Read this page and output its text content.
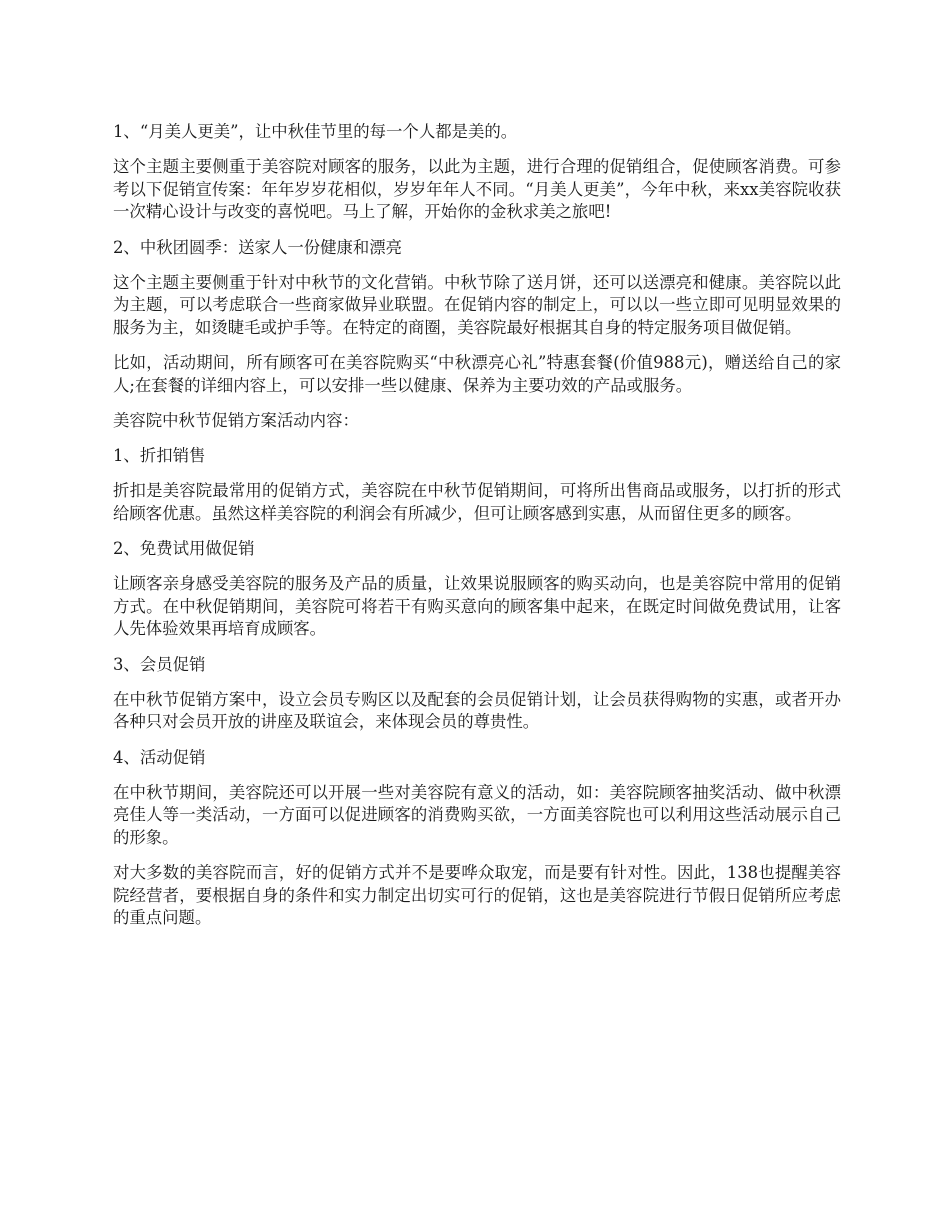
1、“月美人更美”，让中秋佳节里的每一个人都是美的。

这个主题主要侧重于美容院对顾客的服务，以此为主题，进行合理的促销组合，促使顾客消费。可参考以下促销宣传案：年年岁岁花相似，岁岁年年人不同。“月美人更美”，今年中秋，来xx美容院收获一次精心设计与改变的喜悦吧。马上了解，开始你的金秋求美之旅吧!

2、中秋团圆季：送家人一份健康和漂亮

这个主题主要侧重于针对中秋节的文化营销。中秋节除了送月饼，还可以送漂亮和健康。美容院以此为主题，可以考虑联合一些商家做异业联盟。在促销内容的制定上，可以以一些立即可见明显效果的服务为主，如烫睫毛或护手等。在特定的商圈，美容院最好根据其自身的特定服务项目做促销。

比如，活动期间，所有顾客可在美容院购买“中秋漂亮心礼”特惠套餐(价值988元)，赠送给自己的家人;在套餐的详细内容上，可以安排一些以健康、保养为主要功效的产品或服务。

美容院中秋节促销方案活动内容：

1、折扣销售

折扣是美容院最常用的促销方式，美容院在中秋节促销期间，可将所出售商品或服务，以打折的形式给顾客优惠。虽然这样美容院的利润会有所减少，但可让顾客感到实惠，从而留住更多的顾客。

2、免费试用做促销

让顾客亲身感受美容院的服务及产品的质量，让效果说服顾客的购买动向，也是美容院中常用的促销方式。在中秋促销期间，美容院可将若干有购买意向的顾客集中起来，在既定时间做免费试用，让客人先体验效果再培育成顾客。

3、会员促销

在中秋节促销方案中，设立会员专购区以及配套的会员促销计划，让会员获得购物的实惠，或者开办各种只对会员开放的讲座及联谊会，来体现会员的尊贵性。

4、活动促销

在中秋节期间，美容院还可以开展一些对美容院有意义的活动，如：美容院顾客抽奖活动、做中秋漂亮佳人等一类活动，一方面可以促进顾客的消费购买欲，一方面美容院也可以利用这些活动展示自己的形象。

对大多数的美容院而言，好的促销方式并不是要哗众取宠，而是要有针对性。因此，138也提醒美容院经营者，要根据自身的条件和实力制定出切实可行的促销，这也是美容院进行节假日促销所应考虑的重点问题。
